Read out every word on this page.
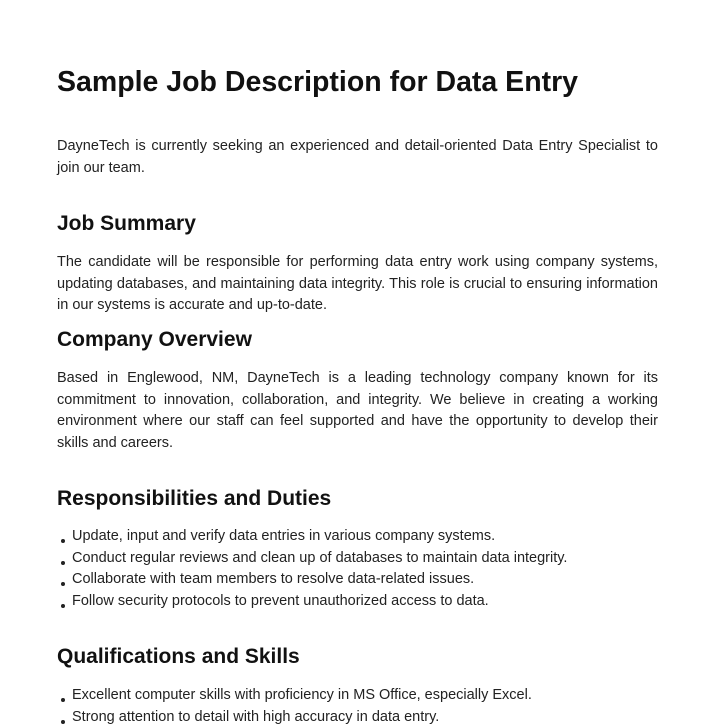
Sample Job Description for Data Entry

DayneTech is currently seeking an experienced and detail-oriented Data Entry Specialist to join our team.

Job Summary

The candidate will be responsible for performing data entry work using company systems, updating databases, and maintaining data integrity. This role is crucial to ensuring information in our systems is accurate and up-to-date.

Company Overview

Based in Englewood, NM, DayneTech is a leading technology company known for its commitment to innovation, collaboration, and integrity. We believe in creating a working environment where our staff can feel supported and have the opportunity to develop their skills and careers.

Responsibilities and Duties
Update, input and verify data entries in various company systems.
Conduct regular reviews and clean up of databases to maintain data integrity.
Collaborate with team members to resolve data-related issues.
Follow security protocols to prevent unauthorized access to data.
Qualifications and Skills
Excellent computer skills with proficiency in MS Office, especially Excel.
Strong attention to detail with high accuracy in data entry.
